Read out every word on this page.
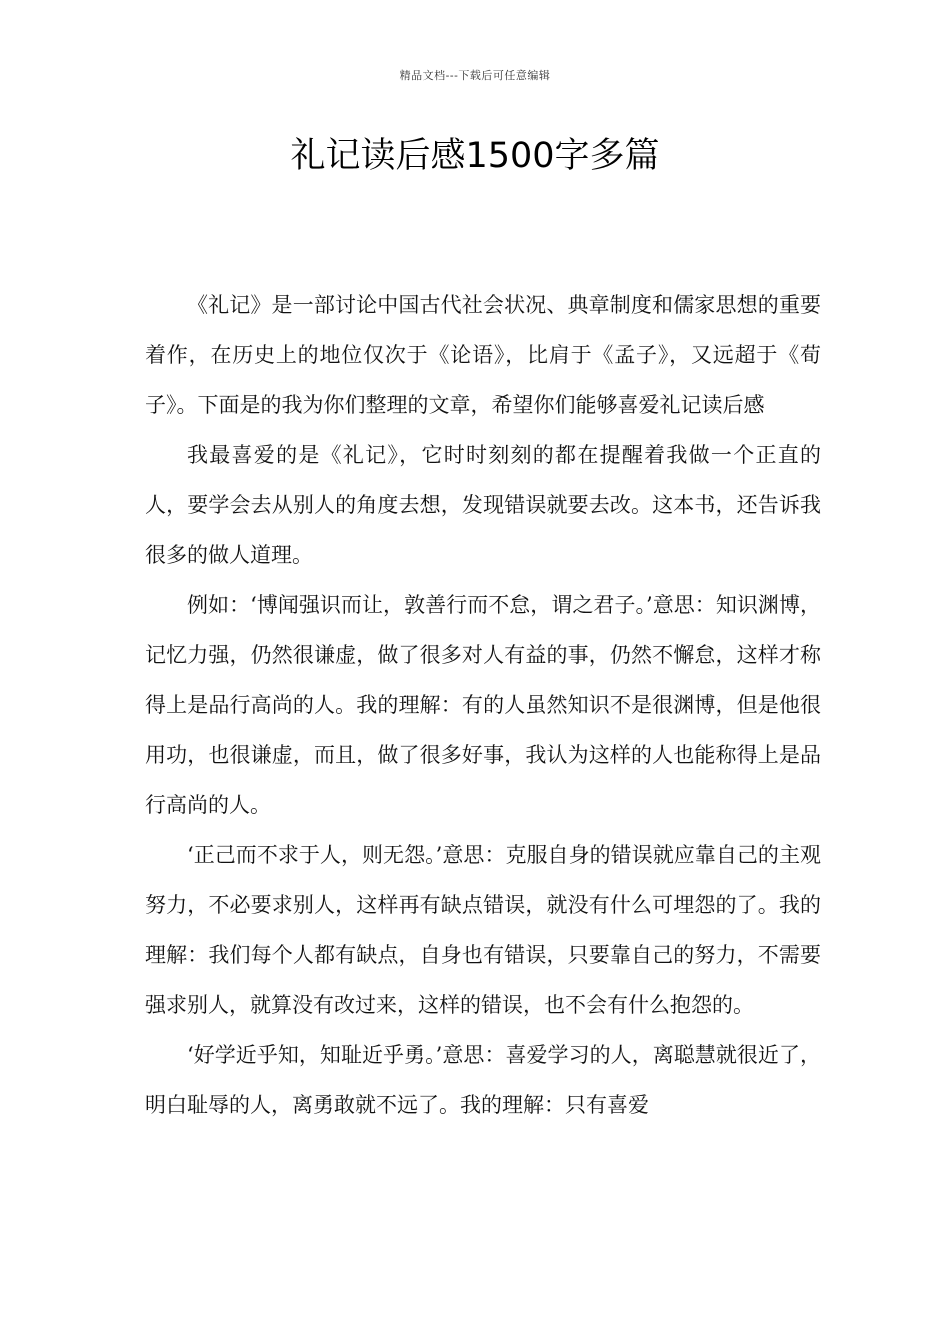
精品文档---下载后可任意编辑
礼记读后感1500字多篇

《礼记》是一部讨论中国古代社会状况、典章制度和儒家思想的重要着作，在历史上的地位仅次于《论语》，比肩于《孟子》，又远超于《荀子》。下面是的我为你们整理的文章，希望你们能够喜爱礼记读后感

我最喜爱的是《礼记》，它时时刻刻的都在提醒着我做一个正直的人，要学会去从别人的角度去想，发现错误就要去改。这本书，还告诉我很多的做人道理。

例如：‘博闻强识而让，敦善行而不怠，谓之君子。’意思：知识渊博，记忆力强，仍然很谦虚，做了很多对人有益的事，仍然不懈怠，这样才称得上是品行高尚的人。我的理解：有的人虽然知识不是很渊博，但是他很用功，也很谦虚，而且，做了很多好事，我认为这样的人也能称得上是品行高尚的人。

‘正己而不求于人，则无怨。’意思：克服自身的错误就应靠自己的主观努力，不必要求别人，这样再有缺点错误，就没有什么可埋怨的了。我的理解：我们每个人都有缺点，自身也有错误，只要靠自己的努力，不需要强求别人，就算没有改过来，这样的错误，也不会有什么抱怨的。

‘好学近乎知，知耻近乎勇。’意思：喜爱学习的人，离聪慧就很近了，明白耻辱的人，离勇敢就不远了。我的理解：只有喜爱
